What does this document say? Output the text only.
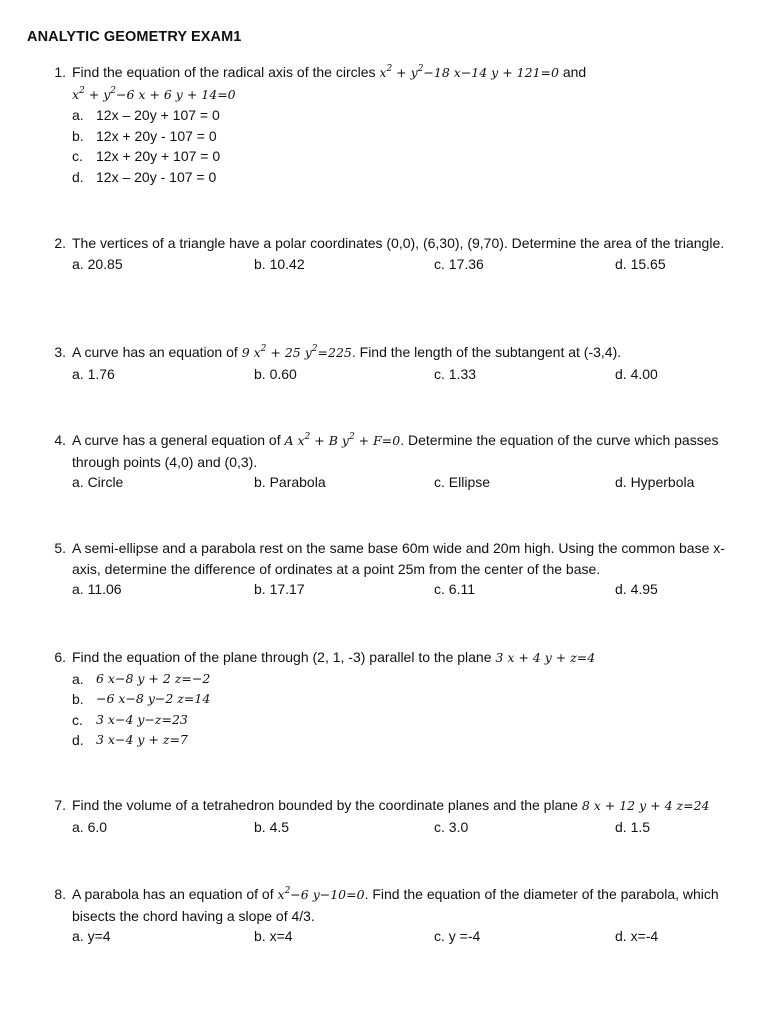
ANALYTIC GEOMETRY EXAM1
1. Find the equation of the radical axis of the circles $x^2 + y^2-18$ x−14 y + 121=0 and
$x^2 + y^2-6$ x + 6 y + 14=0
a. 12x – 20y + 107 = 0
b. 12x + 20y - 107 = 0
c. 12x + 20y + 107 = 0
d. 12x – 20y - 107 = 0
2. The vertices of a triangle have a polar coordinates (0,0), (6,30), (9,70). Determine the area of the triangle.
a. 20.85	b. 10.42	c. 17.36	d. 15.65
3. A curve has an equation of 9 $x^2 + 25$ $y^2=225$. Find the length of the subtangent at (-3,4).
a. 1.76	b. 0.60	c. 1.33	d. 4.00
4. A curve has a general equation of A $x^2 + B$ $y^2 + F=0$. Determine the equation of the curve which passes through points (4,0) and (0,3).
a. Circle	b. Parabola	c. Ellipse	d. Hyperbola
5. A semi-ellipse and a parabola rest on the same base 60m wide and 20m high. Using the common base x-axis, determine the difference of ordinates at a point 25m from the center of the base.
a. 11.06	b. 17.17	c. 6.11	d. 4.95
6. Find the equation of the plane through (2, 1, -3) parallel to the plane 3 x + 4 y + z=4
a. 6 x−8 y + 2 z=−2
b. −6 x−8 y−2 z=14
c.	3 x−4 y−z=23
d. 3 x−4 y + z=7
7. Find the volume of a tetrahedron bounded by the coordinate planes and the plane 8 x + 12 y + 4 z=24
a. 6.0	b. 4.5	c. 3.0	d. 1.5
8. A parabola has an equation of of $x^2-6$ y−10=0. Find the equation of the diameter of the parabola, which bisects the chord having a slope of 4/3.
a. y=4	b. x=4	c. y =-4	d. x=-4
